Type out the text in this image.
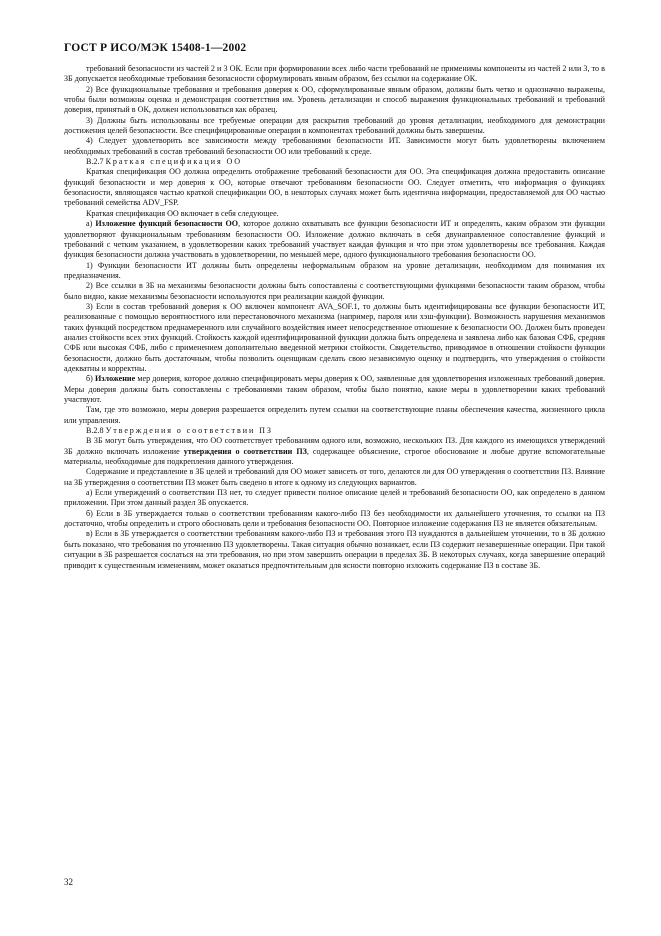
ГОСТ Р ИСО/МЭК 15408-1—2002

требований безопасности из частей 2 и 3 ОК. Если при формировании всех либо части требований не применимы компоненты из частей 2 или 3, то в ЗБ допускается необходимые требования безопасности сформулировать явным образом, без ссылки на содержание ОК.

2) Все функциональные требования и требования доверия к ОО, сформулированные явным образом, должны быть четко и однозначно выражены, чтобы были возможны оценка и демонстрация соответствия им. Уровень детализации и способ выражения функциональных требований и требований доверия, принятый в ОК, должен использоваться как образец.

3) Должны быть использованы все требуемые операции для раскрытия требований до уровня детализации, необходимого для демонстрации достижения целей безопасности. Все специфицированные операции в компонентах требований должны быть завершены.

4) Следует удовлетворить все зависимости между требованиями безопасности ИТ. Зависимости могут быть удовлетворены включением необходимых требований в состав требований безопасности ОО или требований к среде.

В.2.7 Краткая спецификация ОО

Краткая спецификация ОО должна определить отображение требований безопасности для ОО. Эта спецификация должна предоставить описание функций безопасности и мер доверия к ОО, которые отвечают требованиям безопасности ОО. Следует отметить, что информация о функциях безопасности, являющаяся частью краткой спецификации ОО, в некоторых случаях может быть идентична информации, предоставляемой для ОО частью требований семейства ADV_FSP.

Краткая спецификация ОО включает в себя следующее.

а) Изложение функций безопасности ОО, которое должно охватывать все функции безопасности ИТ и определять, каким образом эти функции удовлетворяют функциональным требованиям безопасности ОО. Изложение должно включать в себя двунаправленное сопоставление функций и требований с четким указанием, в удовлетворении каких требований участвует каждая функция и что при этом удовлетворены все требования. Каждая функция безопасности должна участвовать в удовлетворении, по меньшей мере, одного функционального требования безопасности ОО.

1) Функции безопасности ИТ должны быть определены неформальным образом на уровне детализации, необходимом для понимания их предназначения.

2) Все ссылки в ЗБ на механизмы безопасности должны быть сопоставлены с соответствующими функциями безопасности таким образом, чтобы было видно, какие механизмы безопасности используются при реализации каждой функции.

3) Если в состав требований доверия к ОО включен компонент AVA_SOF.1, то должны быть идентифицированы все функции безопасности ИТ, реализованные с помощью вероятностного или перестановочного механизма (например, пароля или хэш-функции). Возможность нарушения механизмов таких функций посредством преднамеренного или случайного воздействия имеет непосредственное отношение к безопасности ОО. Должен быть проведен анализ стойкости всех этих функций. Стойкость каждой идентифицированной функции должна быть определена и заявлена либо как базовая СФБ, средняя СФБ или высокая СФБ, либо с применением дополнительно введенной метрики стойкости. Свидетельство, приводимое в отношении стойкости функции безопасности, должно быть достаточным, чтобы позволить оценщикам сделать свою независимую оценку и подтвердить, что утверждения о стойкости адекватны и корректны.

б) Изложение мер доверия, которое должно специфицировать меры доверия к ОО, заявленные для удовлетворения изложенных требований доверия. Меры доверия должны быть сопоставлены с требованиями таким образом, чтобы было понятно, какие меры в удовлетворении каких требований участвуют.

Там, где это возможно, меры доверия разрешается определить путем ссылки на соответствующие планы обеспечения качества, жизненного цикла или управления.

В.2.8 Утверждения о соответствии ПЗ

В ЗБ могут быть утверждения, что ОО соответствует требованиям одного или, возможно, нескольких ПЗ. Для каждого из имеющихся утверждений ЗБ должно включать изложение утверждения о соответствии ПЗ, содержащее объяснение, строгое обоснование и любые другие вспомогательные материалы, необходимые для подкрепления данного утверждения.

Содержание и представление в ЗБ целей и требований для ОО может зависеть от того, делаются ли для ОО утверждения о соответствии ПЗ. Влияние на ЗБ утверждения о соответствии ПЗ может быть сведено в итоге к одному из следующих вариантов.

а) Если утверждений о соответствии ПЗ нет, то следует привести полное описание целей и требований безопасности ОО, как определено в данном приложении. При этом данный раздел ЗБ опускается.

б) Если в ЗБ утверждается только о соответствии требованиям какого-либо ПЗ без необходимости их дальнейшего уточнения, то ссылки на ПЗ достаточно, чтобы определить и строго обосновать цели и требования безопасности ОО. Повторное изложение содержания ПЗ не является обязательным.

в) Если в ЗБ утверждается о соответствии требованиям какого-либо ПЗ и требования этого ПЗ нуждаются в дальнейшем уточнении, то в ЗБ должно быть показано, что требования по уточнению ПЗ удовлетворены. Такая ситуация обычно возникает, если ПЗ содержит незавершенные операции. При такой ситуации в ЗБ разрешается сослаться на эти требования, но при этом завершить операции в пределах ЗБ. В некоторых случаях, когда завершение операций приводит к существенным изменениям, может оказаться предпочтительным для ясности повторно изложить содержание ПЗ в составе ЗБ.

32
